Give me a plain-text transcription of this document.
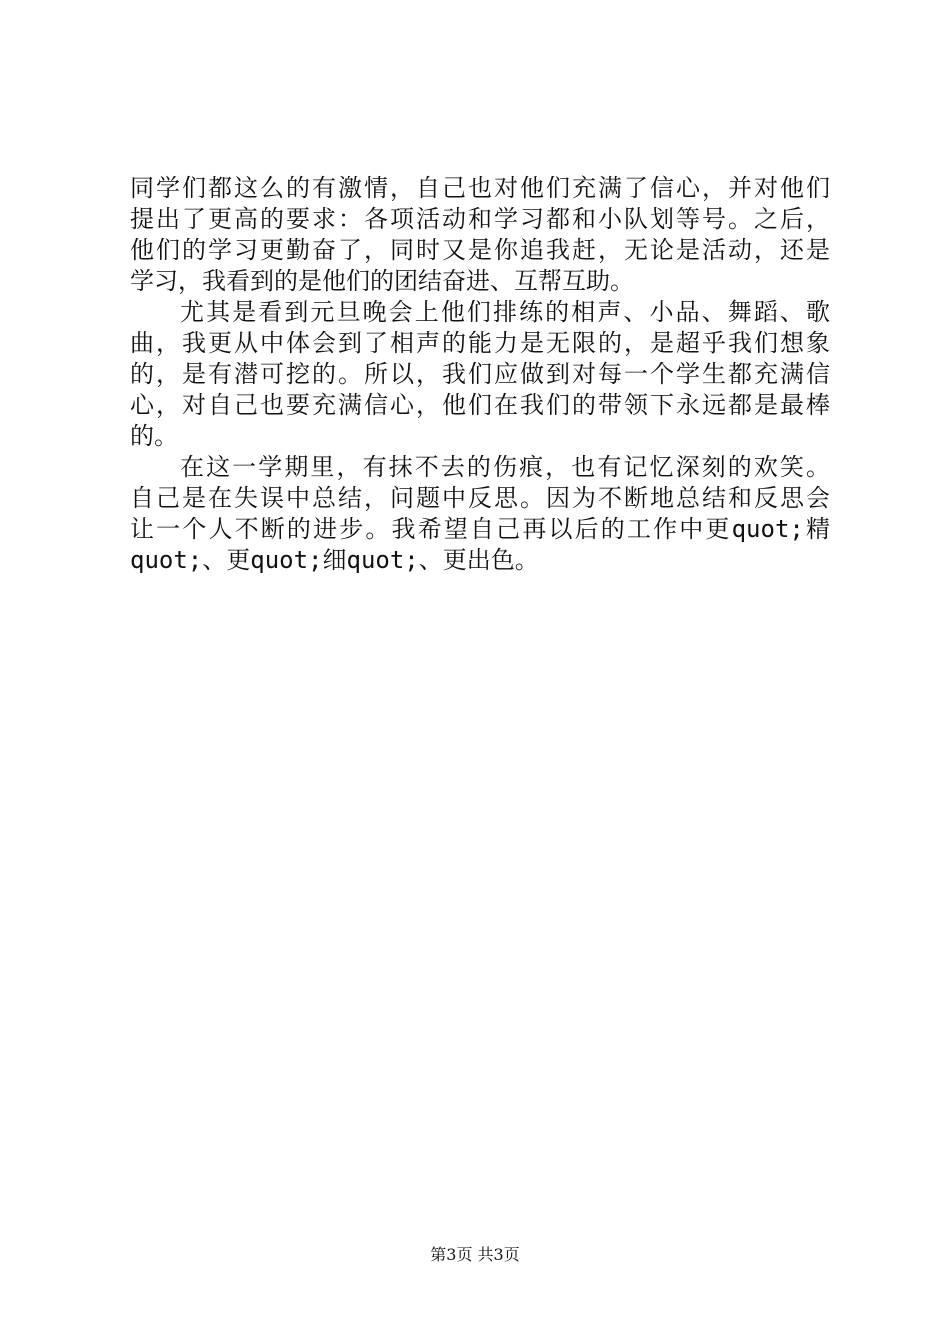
同学们都这么的有激情，自己也对他们充满了信心，并对他们
提出了更高的要求：各项活动和学习都和小队划等号。之后，
他们的学习更勤奋了，同时又是你追我赶，无论是活动，还是
学习，我看到的是他们的团结奋进、互帮互助。
尤其是看到元旦晚会上他们排练的相声、小品、舞蹈、歌
曲，我更从中体会到了相声的能力是无限的，是超乎我们想象
的，是有潜可挖的。所以，我们应做到对每一个学生都充满信
心，对自己也要充满信心，他们在我们的带领下永远都是最棒
的。
在这一学期里，有抹不去的伤痕，也有记忆深刻的欢笑。
自己是在失误中总结，问题中反思。因为不断地总结和反思会
让一个人不断的进步。我希望自己再以后的工作中更quot;精
quot;、更quot;细quot;、更出色。
第3页 共3页
